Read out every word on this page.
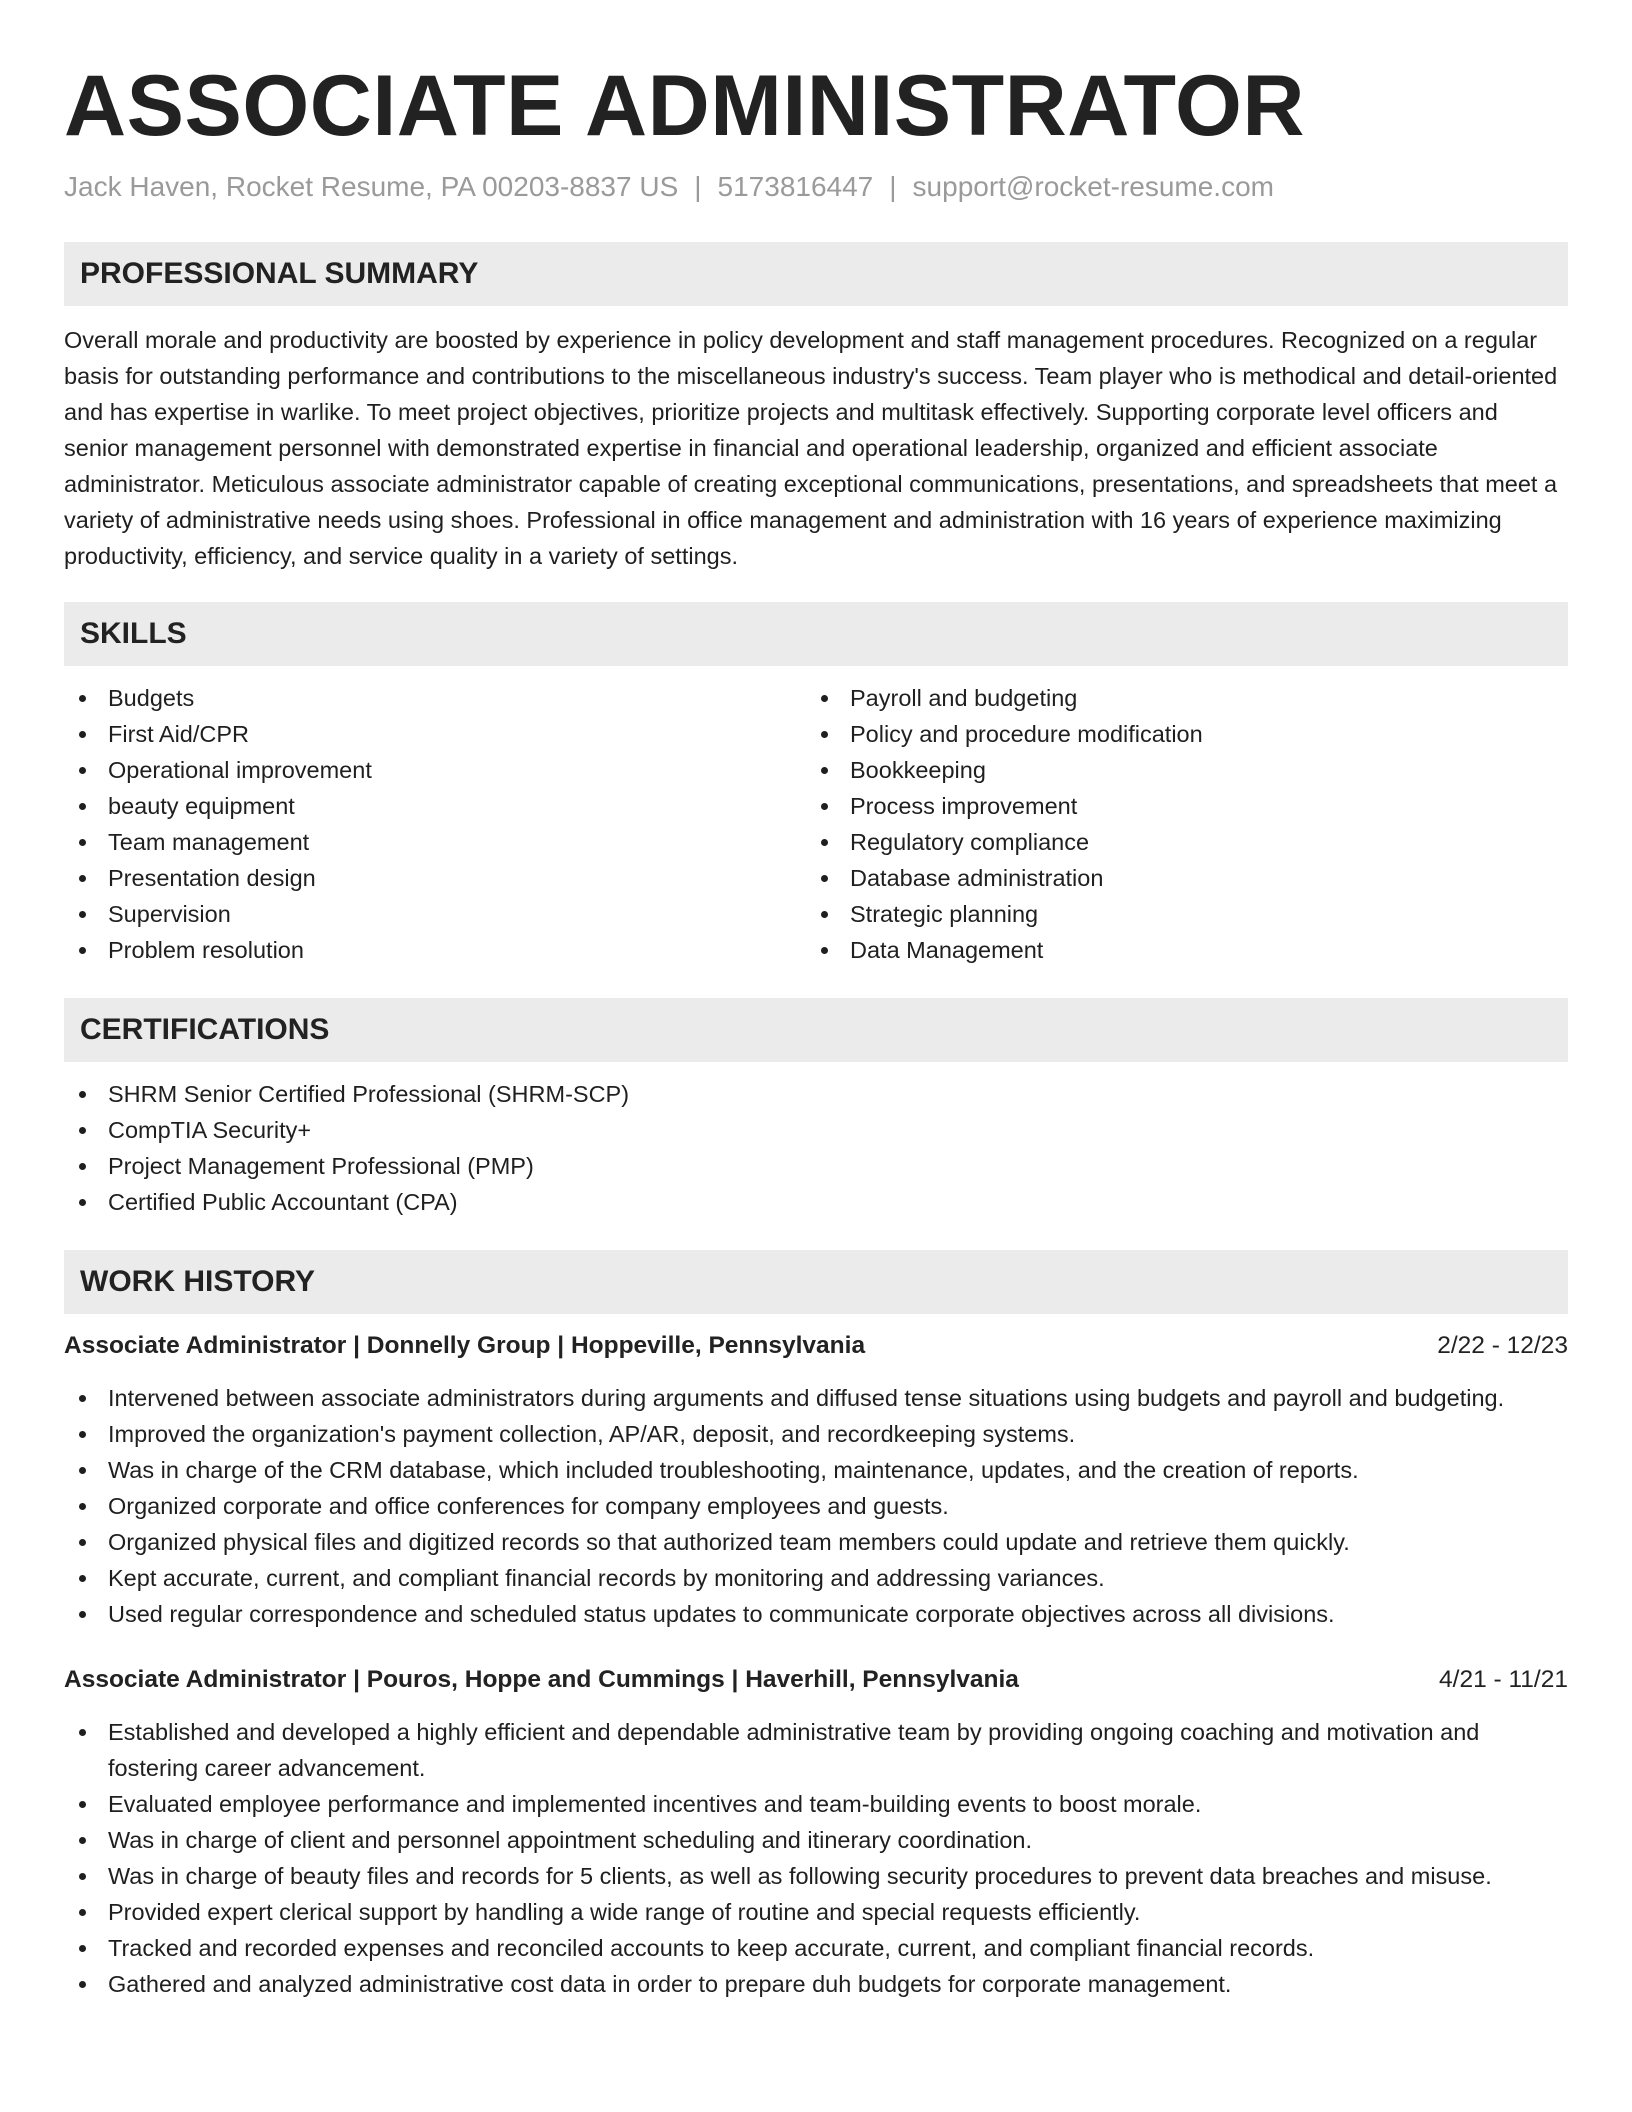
ASSOCIATE ADMINISTRATOR
Jack Haven, Rocket Resume, PA 00203-8837 US | 5173816447 | support@rocket-resume.com
PROFESSIONAL SUMMARY
Overall morale and productivity are boosted by experience in policy development and staff management procedures. Recognized on a regular basis for outstanding performance and contributions to the miscellaneous industry's success. Team player who is methodical and detail-oriented and has expertise in warlike. To meet project objectives, prioritize projects and multitask effectively. Supporting corporate level officers and senior management personnel with demonstrated expertise in financial and operational leadership, organized and efficient associate administrator. Meticulous associate administrator capable of creating exceptional communications, presentations, and spreadsheets that meet a variety of administrative needs using shoes. Professional in office management and administration with 16 years of experience maximizing productivity, efficiency, and service quality in a variety of settings.
SKILLS
Budgets
First Aid/CPR
Operational improvement
beauty equipment
Team management
Presentation design
Supervision
Problem resolution
Payroll and budgeting
Policy and procedure modification
Bookkeeping
Process improvement
Regulatory compliance
Database administration
Strategic planning
Data Management
CERTIFICATIONS
SHRM Senior Certified Professional (SHRM-SCP)
CompTIA Security+
Project Management Professional (PMP)
Certified Public Accountant (CPA)
WORK HISTORY
Associate Administrator | Donnelly Group | Hoppeville, Pennsylvania	2/22 - 12/23
Intervened between associate administrators during arguments and diffused tense situations using budgets and payroll and budgeting.
Improved the organization's payment collection, AP/AR, deposit, and recordkeeping systems.
Was in charge of the CRM database, which included troubleshooting, maintenance, updates, and the creation of reports.
Organized corporate and office conferences for company employees and guests.
Organized physical files and digitized records so that authorized team members could update and retrieve them quickly.
Kept accurate, current, and compliant financial records by monitoring and addressing variances.
Used regular correspondence and scheduled status updates to communicate corporate objectives across all divisions.
Associate Administrator | Pouros, Hoppe and Cummings | Haverhill, Pennsylvania	4/21 - 11/21
Established and developed a highly efficient and dependable administrative team by providing ongoing coaching and motivation and fostering career advancement.
Evaluated employee performance and implemented incentives and team-building events to boost morale.
Was in charge of client and personnel appointment scheduling and itinerary coordination.
Was in charge of beauty files and records for 5 clients, as well as following security procedures to prevent data breaches and misuse.
Provided expert clerical support by handling a wide range of routine and special requests efficiently.
Tracked and recorded expenses and reconciled accounts to keep accurate, current, and compliant financial records.
Gathered and analyzed administrative cost data in order to prepare duh budgets for corporate management.
